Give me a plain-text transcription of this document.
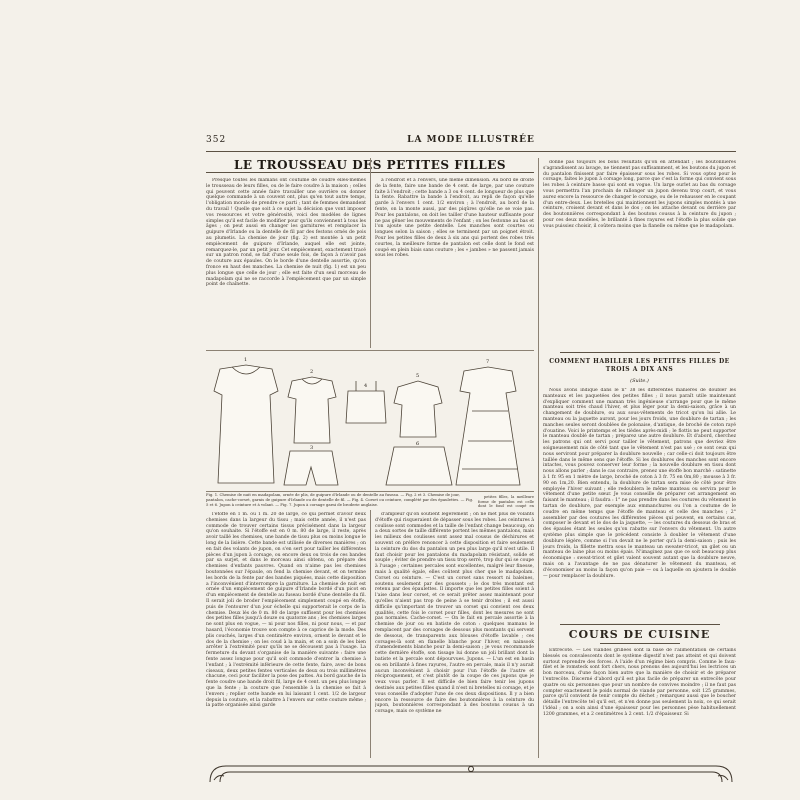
352	LA MODE ILLUSTRÉE
LE TROUSSEAU DES PETITES FILLES

Presque toutes les mamans ont coutume de coudre elles-mêmes le trousseau de leurs filles, ou de le faire coudre à la maison ; celles qui peuvent cette année faire travailler une ouvrière ou donner quelque commande à un couvent ont, plus qu'en tout autre temps, l'obligation morale de prendre ce parti ; tant de femmes demandent du travail ! Quelle que soit à ce sujet la décision que vont imposer vos ressources et votre générosité, voici des modèles de lignes simples qu'il est facile de modifier pour qu'ils conviennent à tous les âges ; on peut aussi en changer les garnitures et remplacer la guipure d'Irlande ou la dentelle de fil par des festons ornés de pois au plumetis. La chemise de jour (fig. 2) est montée à un petit empiècement de guipure d'Irlande, auquel elle est jointe, remarquez-le, par un petit jour. Cet empiècement, exactement tracé sur un patron rond, se fait d'une seule fois, de façon à n'avoir pas de couture aux épaules. On le borde d'une dentelle assortie, qu'on fronce en haut des manches. La chemise de nuit (fig. 1) est un peu plus longue que celle de jour ; elle est faite d'un seul morceau de madapolam qui ne se raccorde à l'empiècement que par un simple point de chaînette.

à l'endroit et à l'envers, une même dimension. Au bord de droite de la fente, faire une bande de 4 cent. de large, par une couture faite à l'endroit ; cette bande a 3 ou 4 cent. de longueur de plus que la fente. Rabattre la bande à l'endroit, au repli de façon qu'elle garde à l'envers 1 cent. 1/2 environ ; à l'endroit, au bord de la fente, on la monte aussi, par des piqûres qu'elle ne se voie pas. Pour les pantalons, on doit les tailler d'une hauteur suffisante pour ne pas gêner les mouvements de l'enfant ; on les festonne au bas et l'on ajoute une petite dentelle. Les manches sont courtes ou longues selon la saison ; elles se terminent par un poignet étroit. Pour les petites filles de deux à six ans qui portent des robes très courtes, la meilleure forme de pantalon est celle dont le fond est coupé en plein biais sans couture ; les « jambes » ne passent jamais sous les robes.

1
2
3
4
5
6
7
Fig. 1. Chemise de nuit en madapolam, ornée de plis, de guipure d'Irlande ou de dentelle au fuseau. — Fig. 2 et 3. Chemise de jour, pantalon, cache-corset, garnis de guipure d'Irlande ou de dentelle de fil. — Fig. 4. Corset ou ceinture, complété par des épaulettes. — Fig. 5 et 6. Jupon à ceinture et à volant. — Fig. 7. Jupon à corsage garni de broderie anglaise.

petites filles, la meilleure forme de pantalon est celle dont le fond est coupé en

l'étoffe en 1 m. ou 1 m. 20 de large, ce qui permet d'avoir deux chemises dans la largeur du tissu ; mais cette année, il n'est pas commode de trouver certains tissus précisément dans la largeur qu'on souhaite. Si l'étoffe est en 0 m. 80 de large, il reste, après avoir taillé les chemises, une bande de tissu plus ou moins longue le long de la lisière. Cette bande est utilisée de diverses manières ; on en fait des volants de jupon, on s'en sert pour tailler les différentes pièces d'un jupon à corsage, ou encore deux ou trois de ces bandes par sa surjet, et dans le morceau ainsi obtenu, on prépare des chemises d'enfants pauvres. Quand on n'aime pas les chemises boutonnées sur l'épaule, on fend la chemise devant, et on termine les bords de la fente par des bandes piquées, mais cette disposition a l'inconvénient d'interrompre la garniture. La chemise de nuit est ornée d'un empiècement de guipure d'Irlande bordé d'un picot en d'un empiècement de dentelle au fuseau bordé d'une dentelle du fil. Il serait joli de broder l'empiècement simplement coupé en étoffe, puis de l'entourer d'un jour échelle qui supporterait le corps de la chemise. Deux lés de 0 m. 80 de large suffisent pour les chemises des petites filles jusqu'à douze ou quatorze ans ; les chemises larges ne sont plus en vogue, — ni pour nos filles, ni pour nous, — et par hasard, l'économie trouve son compte à ce caprice de la mode. Des plis couchés, larges d'un centimètre environ, ornent le devant et le dos de la chemise ; on les coud à la main, et on a soin de les bien arrêter à l'extrémité pour qu'ils ne se décousent pas à l'usage. La fermeture du devant s'organise de la manière suivante : faire une fente assez longue pour qu'il soit commode d'entrer la chemise à l'enfant ; à l'extrémité inférieure de cette fente, faire, avec de bons ciseaux, deux petites fentes verticales de deux ou trois millimètres chacune, ceci pour faciliter la pose des pattes. Au bord gauche de la fente coudre une bande droit fil, large de 4 cent. un peu plus longue que la fente ; la couture que l'ensemble à la chemise se fait à l'envers ; replier cette bande en lui laissant 1 cent. 1/2 de largeur depuis la couture, et la rabattre à l'envers sur cette couture même ; la patte organisée ainsi garde

d'ampleur qu'on soutient légèrement ; on ne met plus de volants d'étoffe qui risqueraient de dépasser sous les robes. Les ceintures à coulisse sont commodes et la taille de l'enfant change beaucoup, on a deux sortes de taille différente portent les mêmes pantalons, mais les milieux des coulisses sont assez mal cousus de déchirures et souvent on préfère renoncer à cette disposition et faire seulement la ceinture du dos du pantalon un peu plus large qu'il n'est utile. Il faut choisir pour les pantalons du madapolam résistant, solide et souple ; éviter de prendre un tissu trop serré, trop dur qui se coupe à l'usage ; certaines percales sont excellentes, malgré leur finesse, mais à qualité égale, elles coûtent plus cher que le madapolam. Corset ou ceinture. — C'est un corset sans ressort ni baleines, soutenu seulement par des goussets ; le dos très montant est retenu par des épaulettes. Il importe que les petites filles soient à l'aise dans leur corset, et ce serait prêter assez maintenant pour qu'elles n'aient pas trop de peine à se tenir droites ; il est aussi difficile qu'important de trouver un corset qui convient ces deux qualités, cette fois le corset pour filles, dont les mesures ne sont pas normales. Cache-corset. — On le fait en percale assortie à la chemise de jour ou en batiste de coton : quelques mamans le remplacent par des corsages de dessous plus montants qui servent de dessous, de transparents aux blouses d'étoffe lavable ; ces corsages-là sont en flanelle blanche pour l'hiver, en nainsook d'amendements blanche pour la demi-saison ; je vous recommande cette dernière étoffe, son tissage lui donne un joli brillant dont la batiste et la percale sont dépourvues. Jupons. — L'un est en basin ou en brillanté à fines rayures, l'autre en percale, mais il n'y aurait aucun inconvénient à choisir pour l'un l'étoffe de l'autre et réciproquement, et c'est plutôt de la coupe de ces jupons que je veux vous parler. Il est difficile de bien faire tenir les jupons destinés aux petites filles quand il n'est ni bretelles ni corsage, et je vous conseille d'adopter l'une de ces deux dispositions. Il y a bien encore la ressource de faire des boutonnières à la ceinture du jupon, boutonnières correspondant à des boutons cousus à un corsage, mais ce système ne

donne pas toujours les bons résultats qu'on en attendait ; les boutonnières s'agrandissent au lavage, ne tiennent pas suffisamment, et les boutons du jupon et du pantalon finissent par faire épaisseur sous les robes. Si vous optez pour le corsage, faites le jupon à corsage long, parce que c'est la forme qui convient sous les robes à ceinture basse qui sont en vogue. Un large ourlet au bas du corsage vous permettra l'an prochain de rallonger un jupon devenu trop court, et vous aurez encore la ressource de changer le corsage, ou de le rehausser en le coupant d'un entre-deux. Les bretelles qui maintiennent les jupons simples montés à une ceinture, croisent devant et dans le dos ; on les attache devant ou derrière par des boutonnières correspondant à des boutons cousus à la ceinture du jupon ; pour ces deux modèles, le brillanté à fines rayures est l'étoffe la plus solide que vous puissiez choisir, il coûtera moins que la flanelle ou même que le madapolam.

COMMENT HABILLER LES PETITES FILLES DE TROIS A DIX ANS
(Suite.)

Nous avons indiqué dans le n° 38 les différentes manières de doubler les manteaux et les paquetées des petites filles ; il nous paraît utile maintenant d'expliquer comment une maman très ingénieuse s'arrange pour que le même manteau soit très chaud l'hiver, et plus léger pour la demi-saison, grâce à un changement de doublure, ou aux sous-vêtements de tricot qu'on lui allie. Le manteau ou la jaquette auront, pour les jours froids, une doublure de tartan ; les manches seules seront doublées de polonaise, d'antique, de broché de coton rayé d'ouatine. Voici le printemps et les tièdes après-midi ; le flottis ne peut supporter le manteau doublé de tartan ; préparez une autre doublure. Et d'abord, cherchez les patrons qui ont servi pour tailler le vêtement, patrons que devriez être soigneusement mis de côté tant que le vêtement n'est pas usé ; ce sont ceux qui nous serviront pour préparer la doublure nouvelle ; car celle-ci doit toujours être taillée dans le même sens que l'étoffe. Si les doublures des manches sont encore intactes, vous pouvez conserver leur forme ; la nouvelle doublure en tissu dont nous allons parler ; dans le cas contraire, prenez une étoffe bon marché : satinette à 1 fr. 95 en 1 mètre de large, broché de coton à 3 fr. 75 en 0m,80 ; mousse à 3 fr. 90 en 1m,20. Bien entendu, la doublure de tartan sera mise de côté pour être employée l'hiver suivant ; elle redoublera le même manteau ou servira pour le vêtement d'une petite sœur. Je vous conseille de préparer cet arrangement en faisant le manteau ; il faudra : 1° ne pas prendre dans les coutures du vêtement le tartan de doublure, par exemple aux emmanchures ou l'on a coutume de le coudre en même temps que l'étoffe de manteau et celle des manches ; 2° assembler par des coutures les différentes pièces qui peuvent, en certains cas, composer le devant et le dos de la jaquette, — les coutures du dessous de bras et des épaules étant les seules qu'on rabatte sur l'envers du vêtement. Un autre système plus simple que le précédent consiste à doubler le vêtement d'une doublure légère, comme si l'on devait ne le porter qu'à la demi-saison ; puis les jours froids, la fillette mettra sous le manteau un sweater-tricot, un gilet ou un manteau de laine plus ou moins épais. N'imaginez pas que ce soit beaucoup plus économique : sweat-tricot et gilet valent souvent autant que la doublure neuve, mais on a l'avantage de ne pas dénaturer le vêtement du manteau, et d'économiser au moins la façon qu'on paie — ou à laquelle on ajoutera le double — pour remplacer la doublure.

COURS DE CUISINE

Entrecôte. — Les viandes grillées sont la base de l'alimentation de certains blessés ou convalescents dont le système digestif n'est pas atteint et qui doivent surtout reprendre des forces. A l'aide d'un régime bien compris. Comme le faux-filet et le romsteck sont fort chers, nous prenons des aujourd'hui les lectrices un bon morceau, d'une façon bien autre que la manière de choisir et de préparer l'entrecôte. Discerné d'abord qu'il est plus facile de préparer un entrecôte pour quatre ou six personnes que pour un nombre de convives moindre ; il ne faut pas compter exactement le poids normal de viande par personne, soit 125 grammes, parce qu'il convient de tenir compte du déchet ; remarquez aussi que le boucher détaille l'entrecôte tel qu'il est, et n'en donne pas seulement la noix, ce qui serait l'idéal ; on a soin ainsi d'une épaisseur pour les personnes pèse habituellement 1200 grammes, et a 2 centimètres à 2 cent. 1/2 d'épaisseur. Si
